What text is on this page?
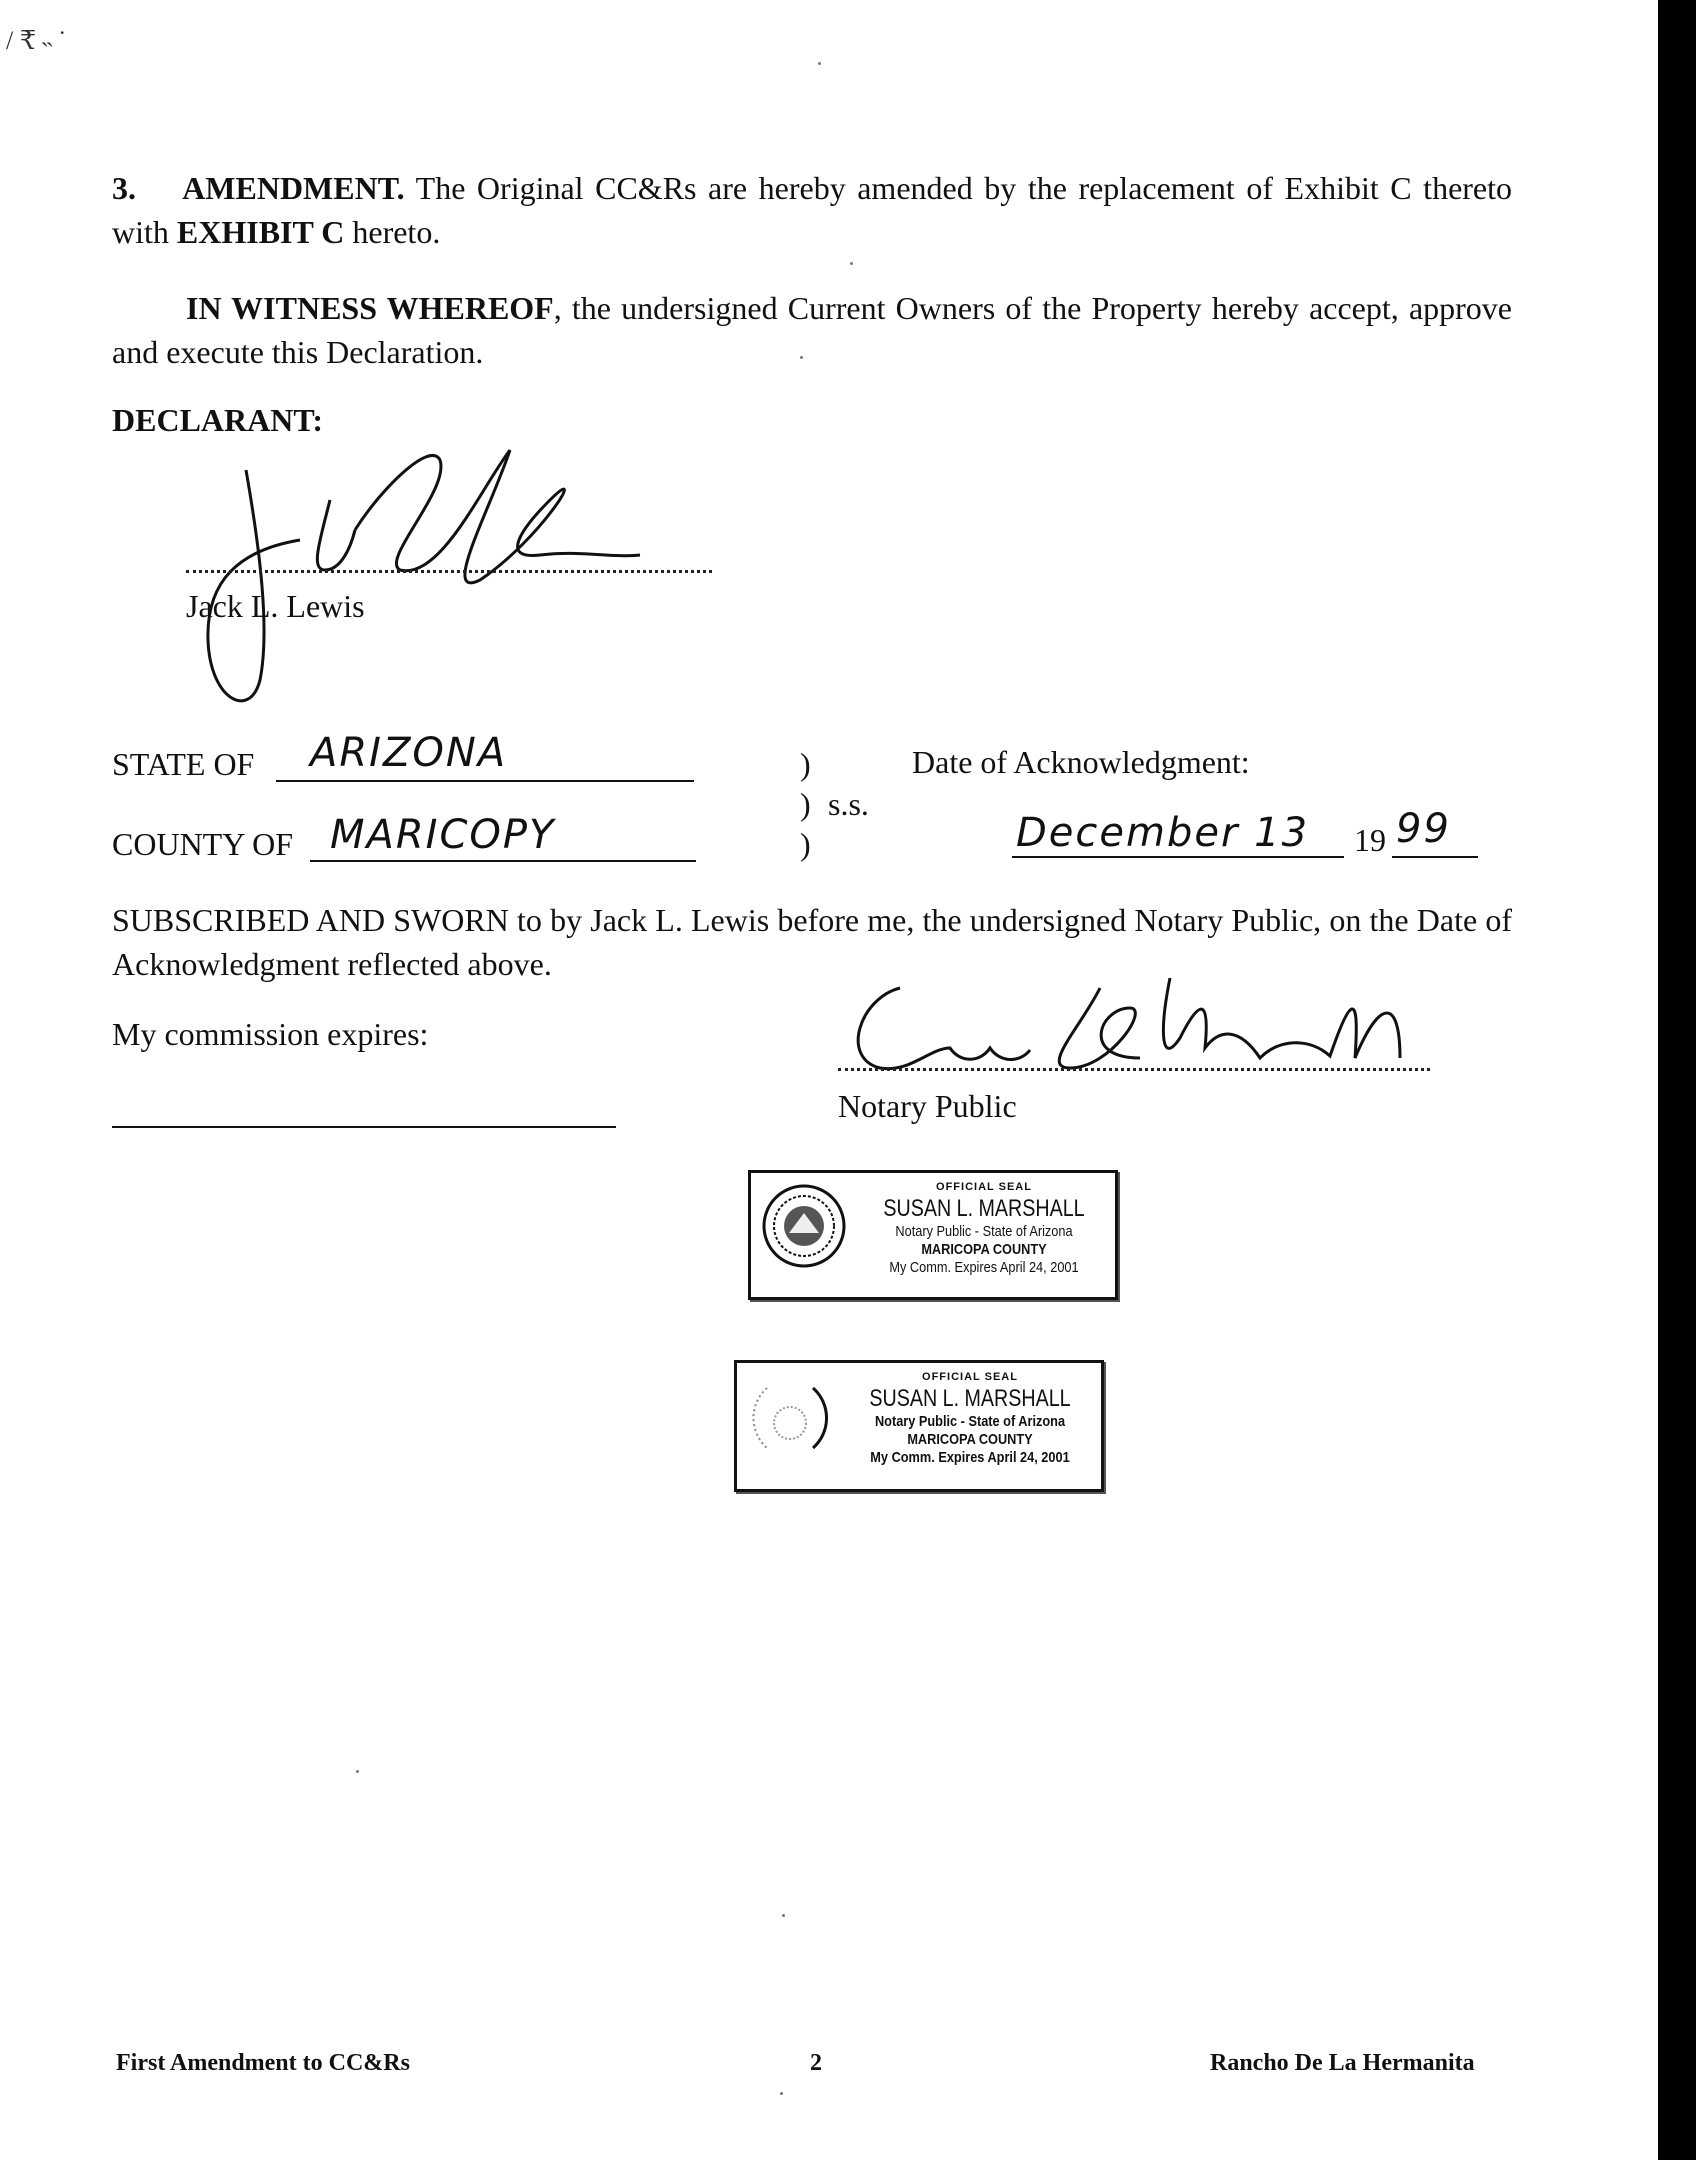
/ ₹ ˵ ˙
3. AMENDMENT. The Original CC&Rs are hereby amended by the replacement of Exhibit C thereto with EXHIBIT C hereto.
IN WITNESS WHEREOF, the undersigned Current Owners of the Property hereby accept, approve and execute this Declaration.
DECLARANT:
Jack L. Lewis
STATE OF ARIZONA
COUNTY OF MARICOPY
)
) s.s.
)
Date of Acknowledgment:
December 13 19 99
SUBSCRIBED AND SWORN to by Jack L. Lewis before me, the undersigned Notary Public, on the Date of Acknowledgment reflected above.
My commission expires:
Notary Public
OFFICIAL SEAL
SUSAN L. MARSHALL
Notary Public - State of Arizona
MARICOPA COUNTY
My Comm. Expires April 24, 2001
OFFICIAL SEAL
SUSAN L. MARSHALL
Notary Public - State of Arizona
MARICOPA COUNTY
My Comm. Expires April 24, 2001
First Amendment to CC&Rs	2	Rancho De La Hermanita
